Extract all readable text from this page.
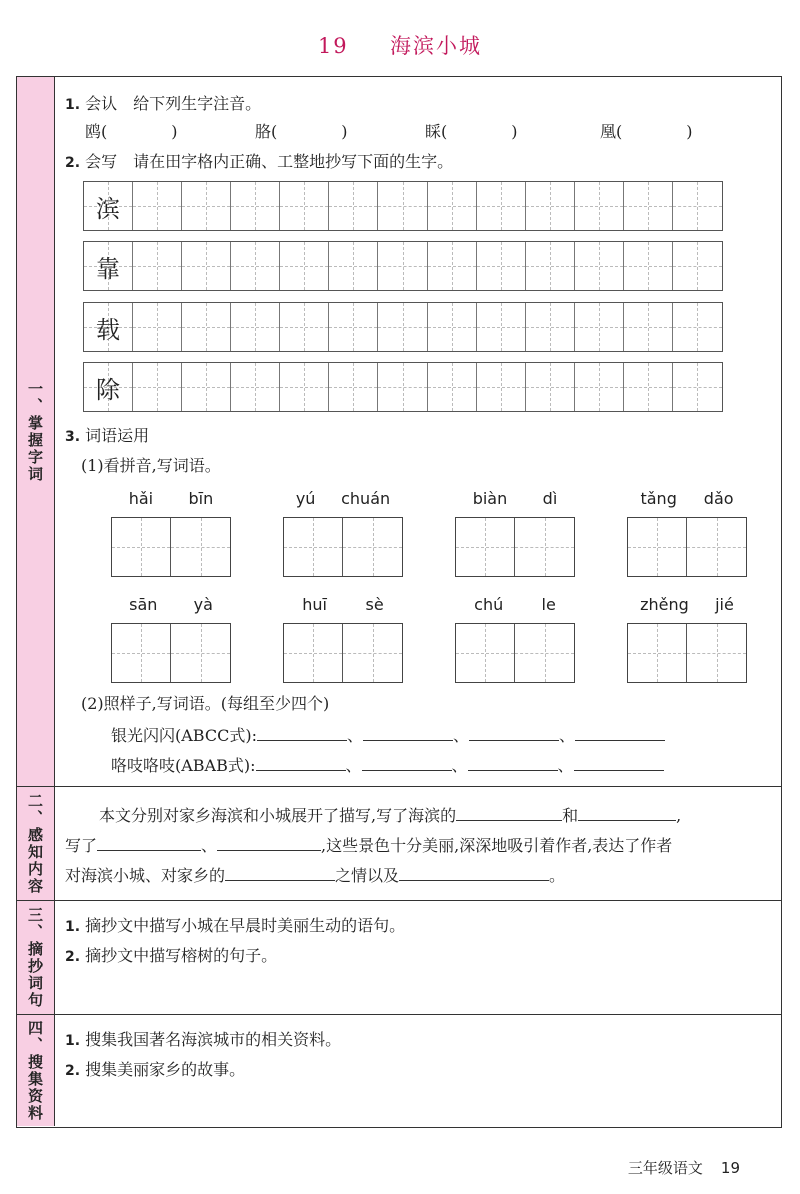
19 海滨小城
一、掌握字词
1. 会认　给下列生字注音。
鸥(　　　　)	胳(　　　　)	睬(　　　　)	凰(　　　　)
2. 会写　请在田字格内正确、工整地抄写下面的生字。
滨
靠
载
除
3. 词语运用
(1)看拼音,写词语。
hǎi bīn	yú chuán	biàn dì	tǎng dǎo
sān yà	huī sè	chú le	zhěng jié
(2)照样子,写词语。(每组至少四个)
银光闪闪(ABCC式):	、	、	、
咯吱咯吱(ABAB式):	、	、	、
二、感知内容	本文分别对家乡海滨和小城展开了描写,写了海滨的	和	,
写了	、	,这些景色十分美丽,深深地吸引着作者,表达了作者
对海滨小城、对家乡的	之情以及	。
三、摘抄词句 1. 摘抄文中描写小城在早晨时美丽生动的语句。
2. 摘抄文中描写榕树的句子。
四、搜集资料 1. 搜集我国著名海滨城市的相关资料。
2. 搜集美丽家乡的故事。
三年级语文 19
